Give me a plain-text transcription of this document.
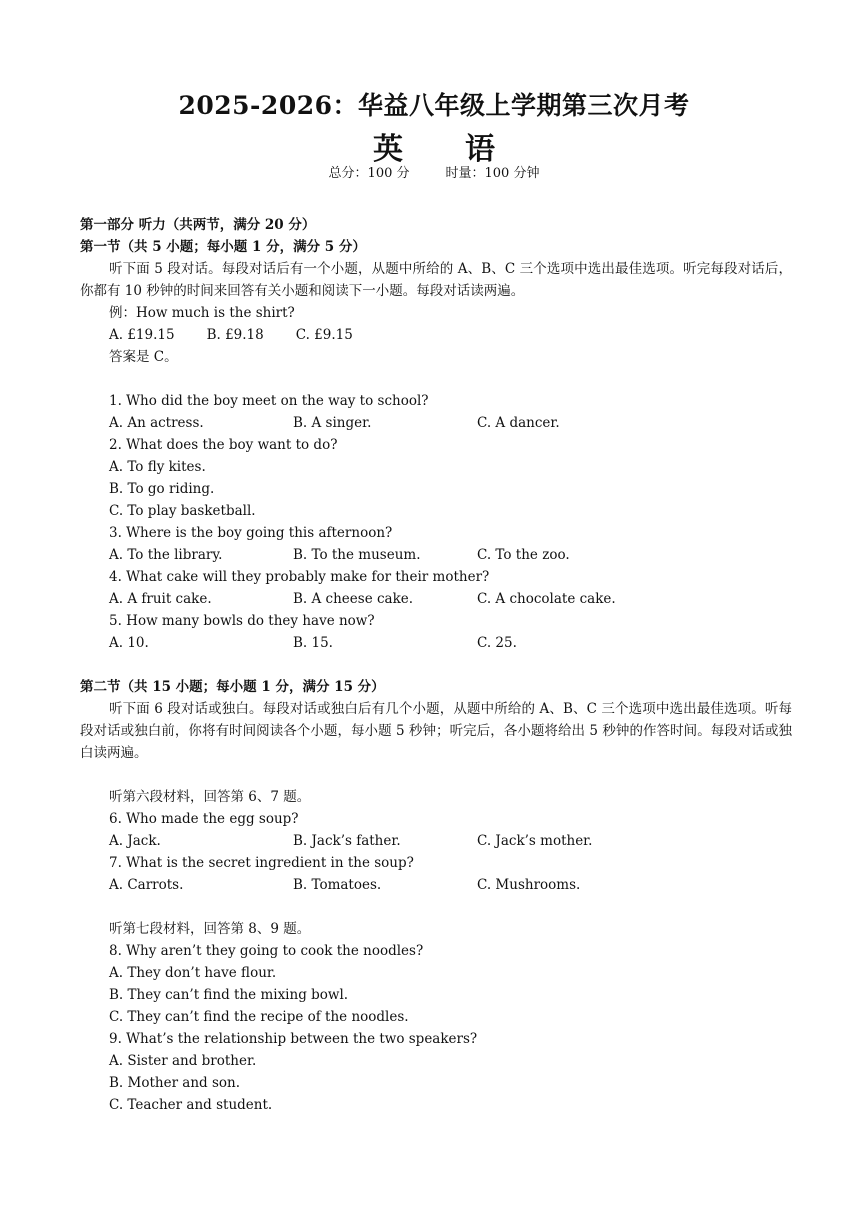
2025-2026：华益八年级上学期第三次月考
英　语
总分：100 分	时量：100 分钟
第一部分 听力（共两节，满分 20 分）
第一节（共 5 小题；每小题 1 分，满分 5 分）
听下面 5 段对话。每段对话后有一个小题，从题中所给的 A、B、C 三个选项中选出最佳选项。听完每段对话后，你都有 10 秒钟的时间来回答有关小题和阅读下一小题。每段对话读两遍。
例：How much is the shirt?
A. £19.15 B. £9.18 C. £9.15
答案是 C。
1. Who did the boy meet on the way to school?
A. An actress.	B. A singer.	C. A dancer.
2. What does the boy want to do?
A. To fly kites.
B. To go riding.
C. To play basketball.
3. Where is the boy going this afternoon?
A. To the library.	B. To the museum.	C. To the zoo.
4. What cake will they probably make for their mother?
A. A fruit cake.	B. A cheese cake.	C. A chocolate cake.
5. How many bowls do they have now?
A. 10.	B. 15.	C. 25.
第二节（共 15 小题；每小题 1 分，满分 15 分）
听下面 6 段对话或独白。每段对话或独白后有几个小题，从题中所给的 A、B、C 三个选项中选出最佳选项。听每段对话或独白前，你将有时间阅读各个小题，每小题 5 秒钟；听完后，各小题将给出 5 秒钟的作答时间。每段对话或独白读两遍。
听第六段材料，回答第 6、7 题。
6. Who made the egg soup?
A. Jack.	B. Jack’s father.	C. Jack’s mother.
7. What is the secret ingredient in the soup?
A. Carrots.	B. Tomatoes.	C. Mushrooms.
听第七段材料，回答第 8、9 题。
8. Why aren’t they going to cook the noodles?
A. They don’t have flour.
B. They can’t find the mixing bowl.
C. They can’t find the recipe of the noodles.
9. What’s the relationship between the two speakers?
A. Sister and brother.
B. Mother and son.
C. Teacher and student.
